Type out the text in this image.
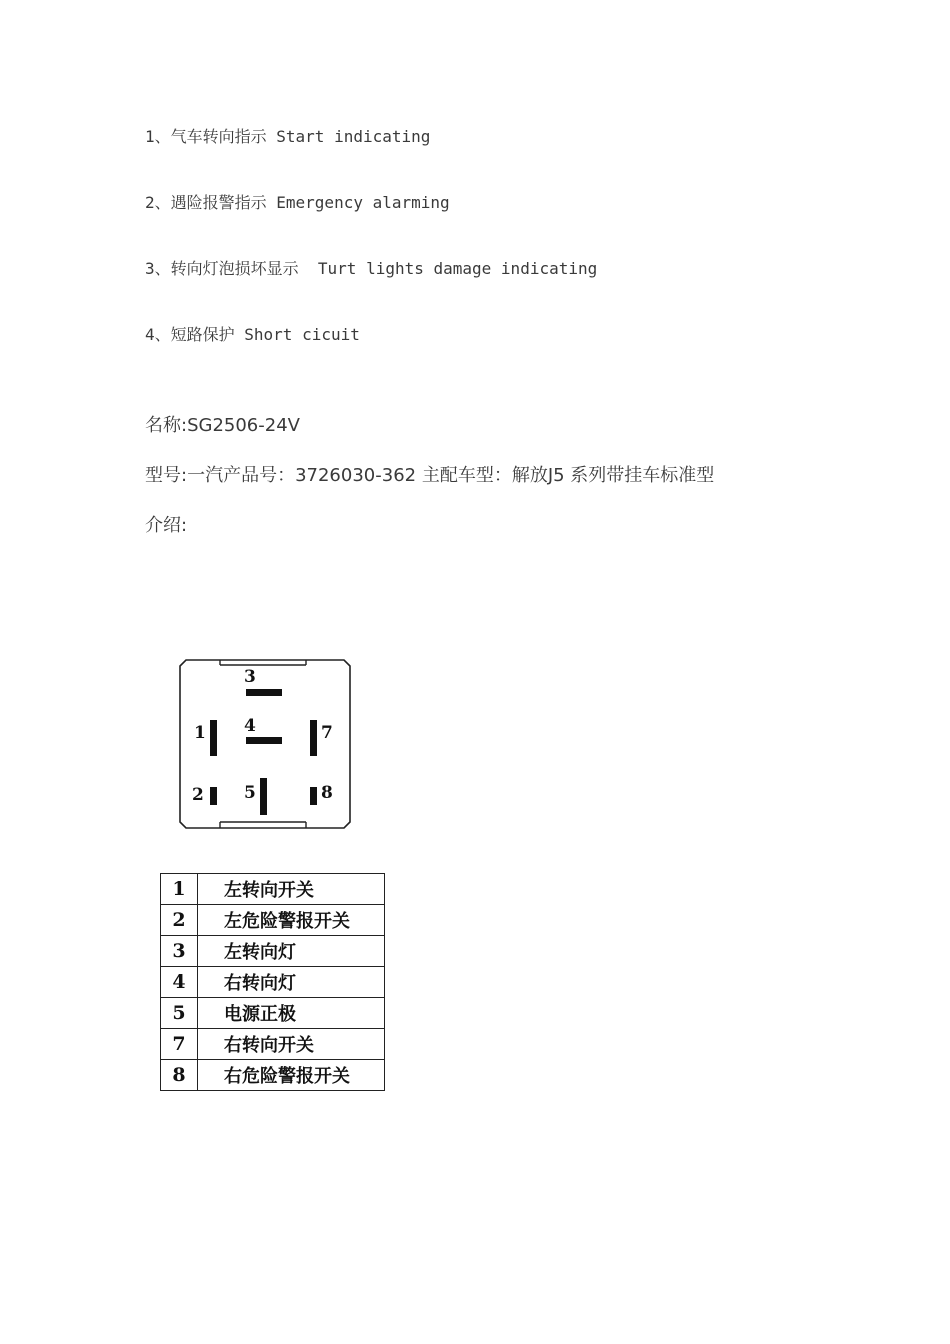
1、气车转向指示 Start indicating
2、遇险报警指示 Emergency alarming
3、转向灯泡损坏显示  Turt lights damage indicating
4、短路保护 Short cicuit
名称:SG2506-24V
型号:一汽产品号：3726030-362 主配车型：解放J5 系列带挂车标准型
介绍:
3
4
1	7
2 5	8
1	左转向开关
2	左危险警报开关
3	左转向灯
4	右转向灯
5	电源正极
7	右转向开关
8	右危险警报开关
